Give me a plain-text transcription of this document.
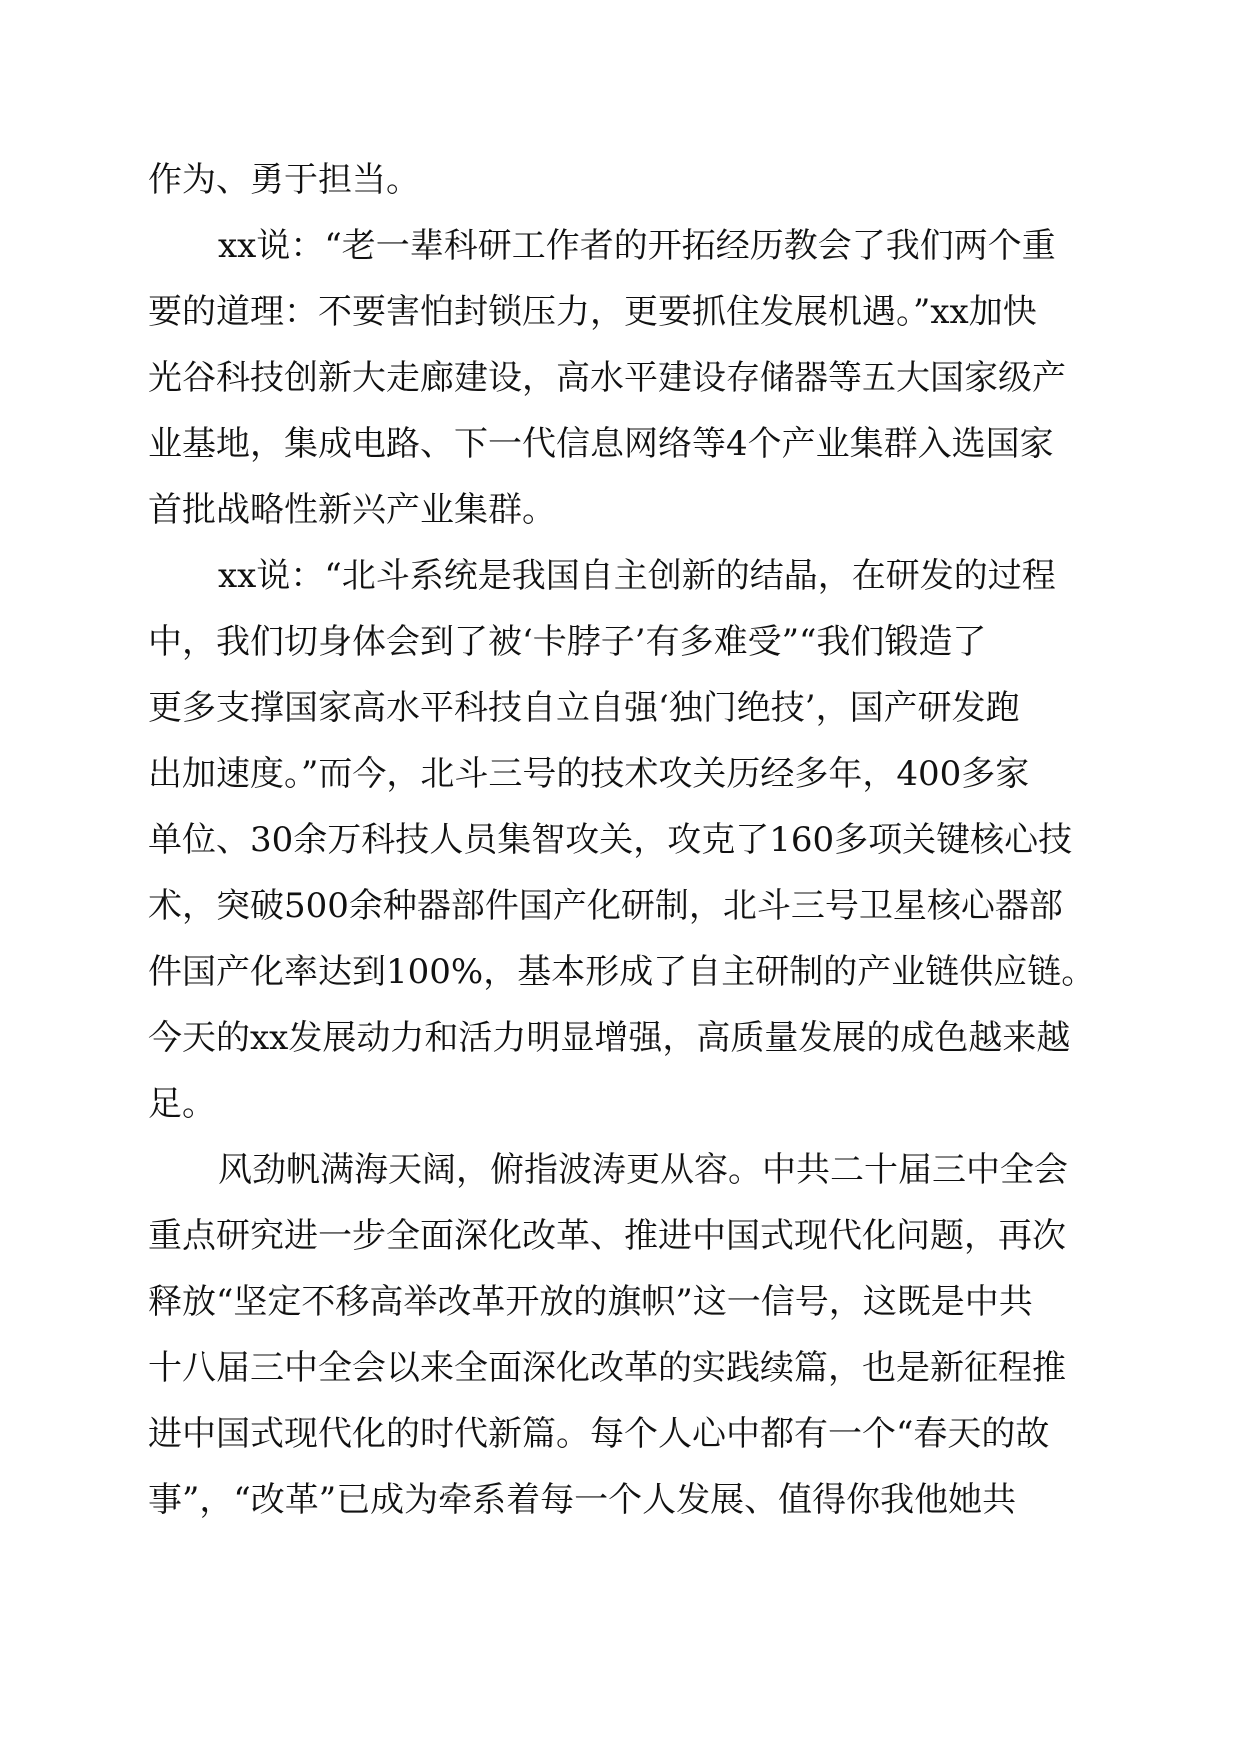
作为、勇于担当。
xx说：“老一辈科研工作者的开拓经历教会了我们两个重
要的道理：不要害怕封锁压力，更要抓住发展机遇。”xx加快
光谷科技创新大走廊建设，高水平建设存储器等五大国家级产
业基地，集成电路、下一代信息网络等4个产业集群入选国家
首批战略性新兴产业集群。
xx说：“北斗系统是我国自主创新的结晶，在研发的过程
中，我们切身体会到了被‘卡脖子’有多难受”“我们锻造了
更多支撑国家高水平科技自立自强‘独门绝技’，国产研发跑
出加速度。”而今，北斗三号的技术攻关历经多年，400多家
单位、30余万科技人员集智攻关，攻克了160多项关键核心技
术，突破500余种器部件国产化研制，北斗三号卫星核心器部
件国产化率达到100%，基本形成了自主研制的产业链供应链。
今天的xx发展动力和活力明显增强，高质量发展的成色越来越
足。
风劲帆满海天阔，俯指波涛更从容。中共二十届三中全会
重点研究进一步全面深化改革、推进中国式现代化问题，再次
释放“坚定不移高举改革开放的旗帜”这一信号，这既是中共
十八届三中全会以来全面深化改革的实践续篇，也是新征程推
进中国式现代化的时代新篇。每个人心中都有一个“春天的故
事”，“改革”已成为牵系着每一个人发展、值得你我他她共
